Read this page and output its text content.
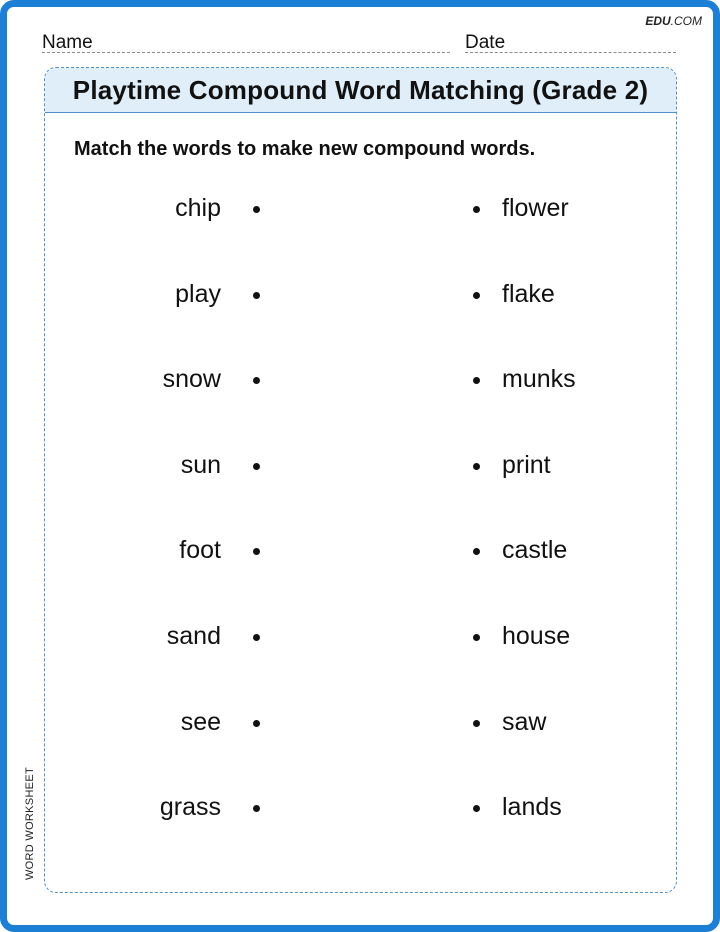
EDU.COM
Name	Date
Playtime Compound Word Matching (Grade 2)
Match the words to make new compound words.
chip	flower
play	flake
snow	munks
sun	print
foot	castle
sand	house
see	saw
grass	lands
WORD WORKSHEET
